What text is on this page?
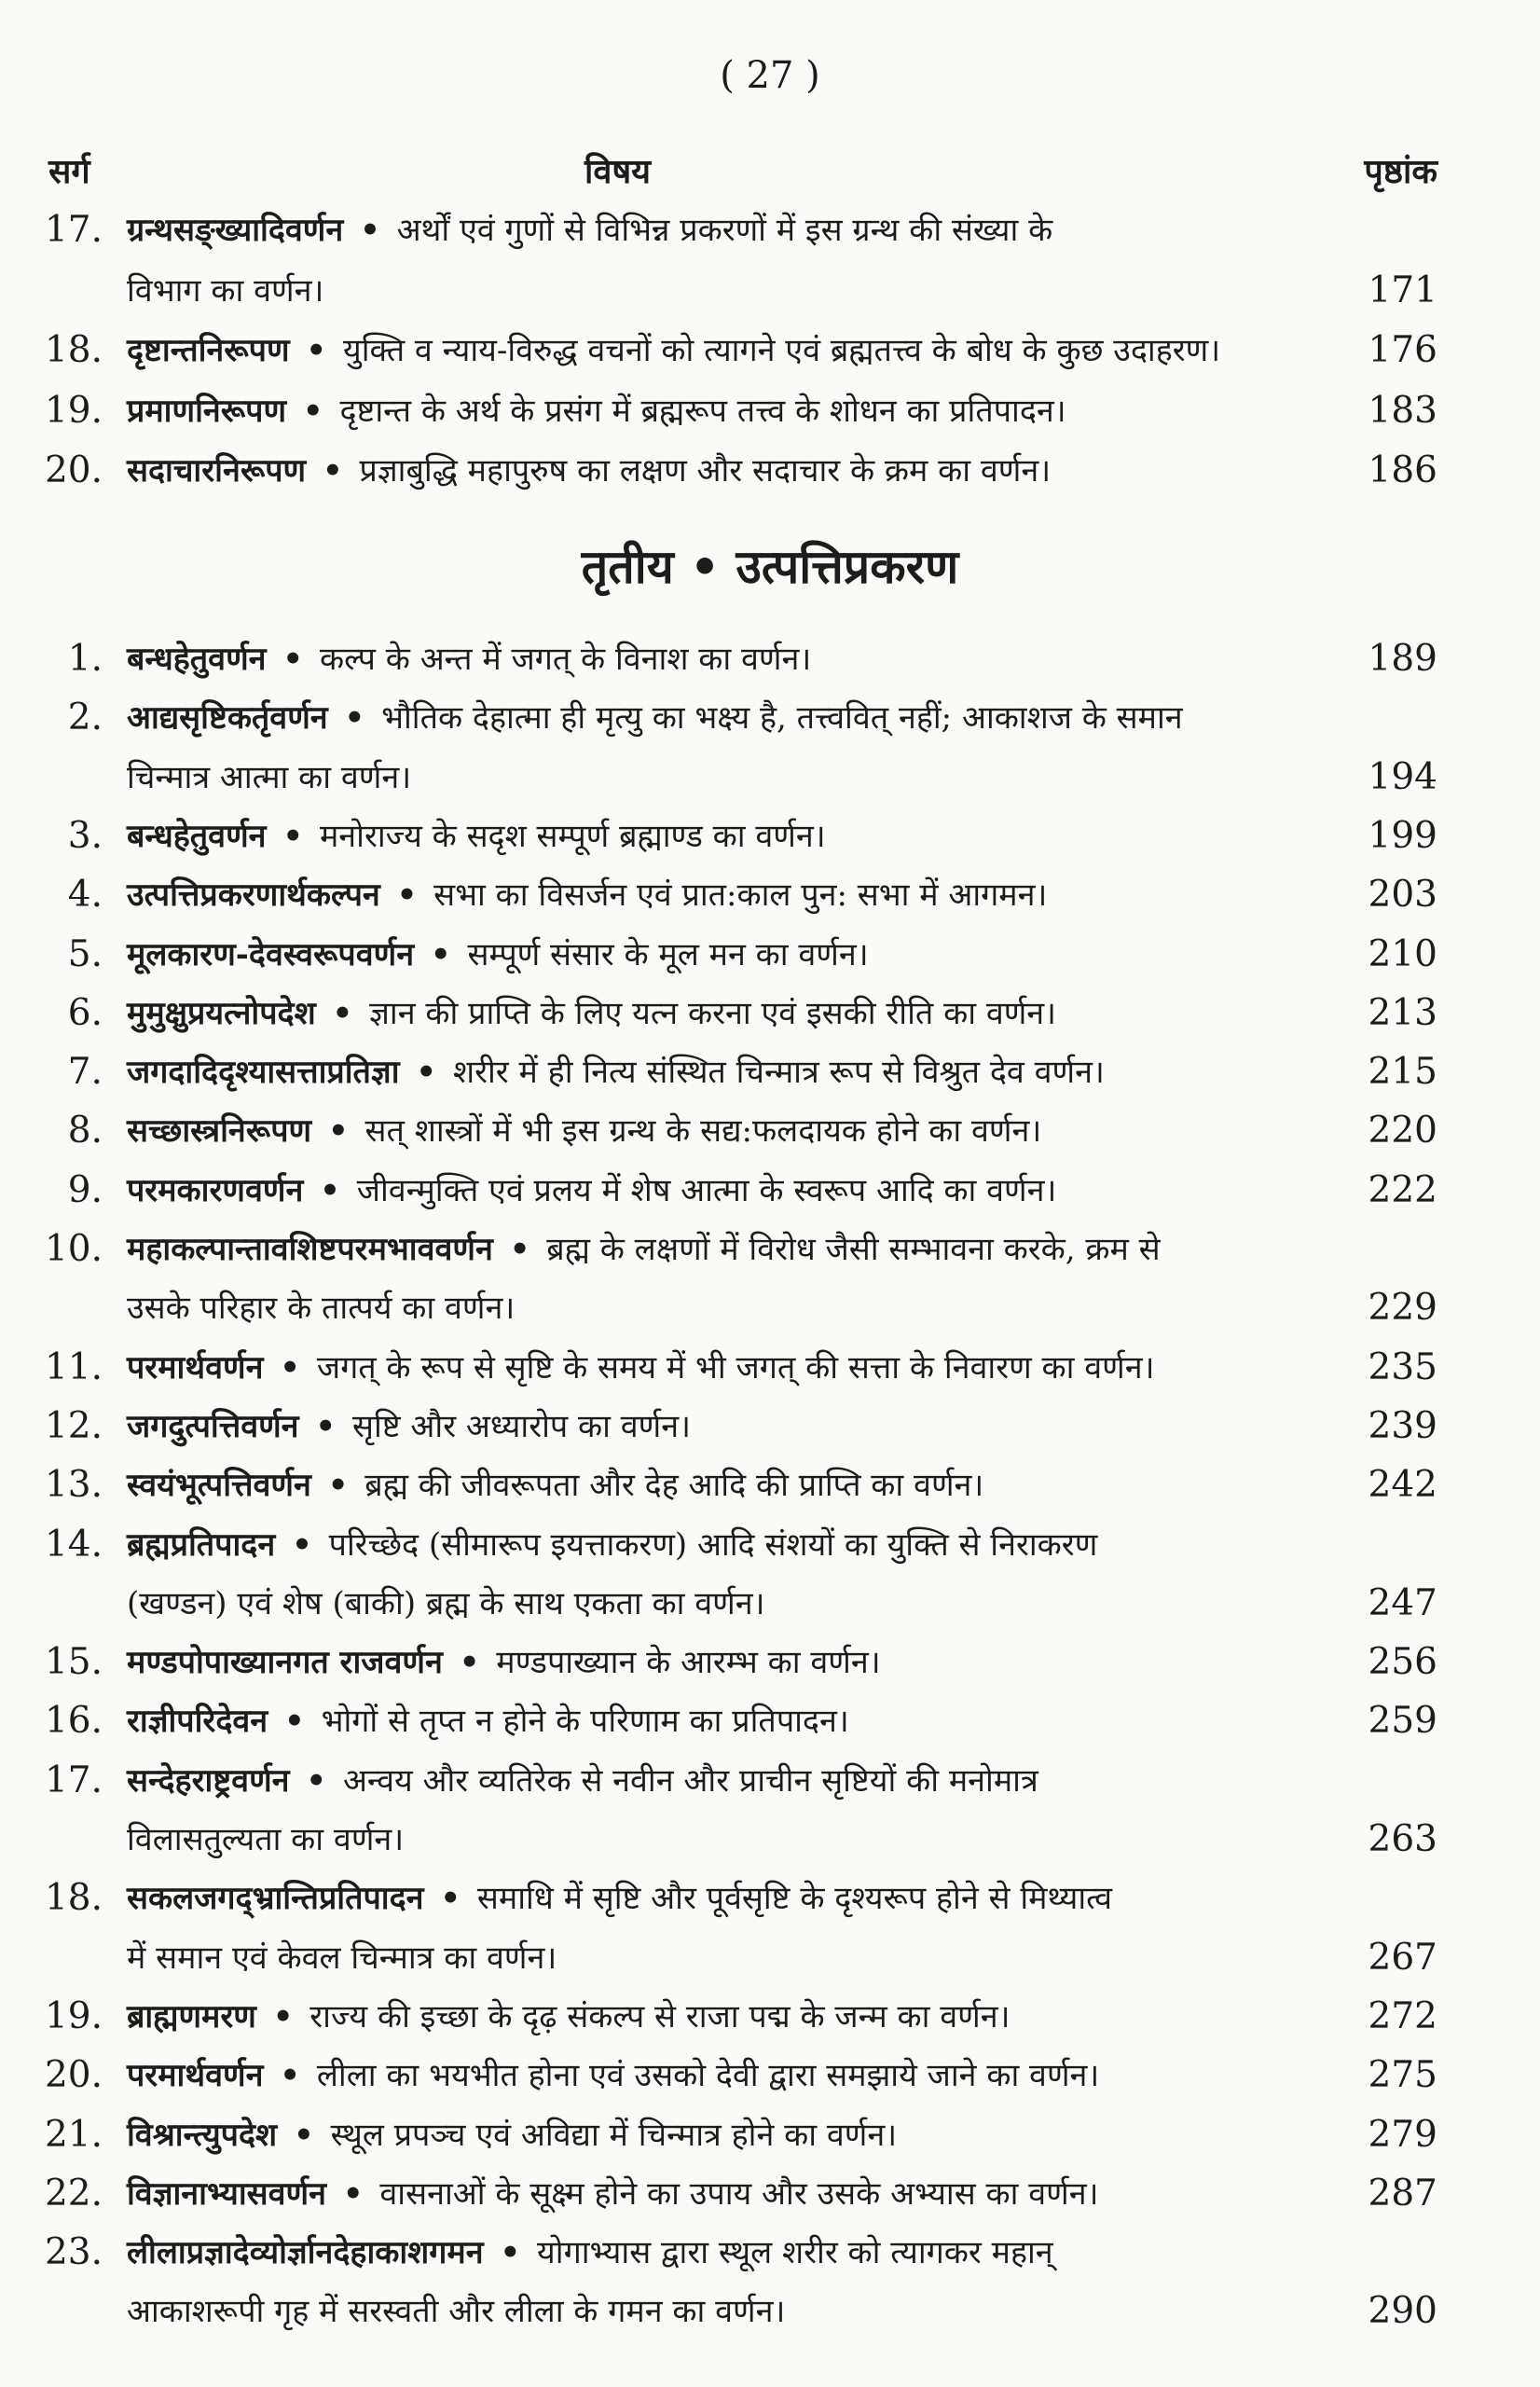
( 27 )
सर्ग	विषय	पृष्ठांक
17. ग्रन्थसङ्ख्यादिवर्णन • अर्थों एवं गुणों से विभिन्न प्रकरणों में इस ग्रन्थ की संख्या के
विभाग का वर्णन।	171
18. दृष्टान्तनिरूपण • युक्ति व न्याय-विरुद्ध वचनों को त्यागने एवं ब्रह्मतत्त्व के बोध के कुछ उदाहरण।	176
19. प्रमाणनिरूपण • दृष्टान्त के अर्थ के प्रसंग में ब्रह्मरूप तत्त्व के शोधन का प्रतिपादन।	183
20. सदाचारनिरूपण • प्रज्ञाबुद्धि महापुरुष का लक्षण और सदाचार के क्रम का वर्णन।	186
तृतीय • उत्पत्तिप्रकरण
1. बन्धहेतुवर्णन • कल्प के अन्त में जगत् के विनाश का वर्णन।	189
2. आद्यसृष्टिकर्तृवर्णन • भौतिक देहात्मा ही मृत्यु का भक्ष्य है, तत्त्ववित् नहीं; आकाशज के समान
चिन्मात्र आत्मा का वर्णन।	194
3. बन्धहेतुवर्णन • मनोराज्य के सदृश सम्पूर्ण ब्रह्माण्ड का वर्णन।	199
4. उत्पत्तिप्रकरणार्थकल्पन • सभा का विसर्जन एवं प्रात:काल पुन: सभा में आगमन।	203
5. मूलकारण-देवस्वरूपवर्णन • सम्पूर्ण संसार के मूल मन का वर्णन।	210
6. मुमुक्षुप्रयत्नोपदेश • ज्ञान की प्राप्ति के लिए यत्न करना एवं इसकी रीति का वर्णन।	213
7. जगदादिदृश्यासत्ताप्रतिज्ञा • शरीर में ही नित्य संस्थित चिन्मात्र रूप से विश्रुत देव वर्णन।	215
8. सच्छास्त्रनिरूपण • सत् शास्त्रों में भी इस ग्रन्थ के सद्य:फलदायक होने का वर्णन।	220
9. परमकारणवर्णन • जीवन्मुक्ति एवं प्रलय में शेष आत्मा के स्वरूप आदि का वर्णन।	222
10. महाकल्पान्तावशिष्टपरमभाववर्णन • ब्रह्म के लक्षणों में विरोध जैसी सम्भावना करके, क्रम से
उसके परिहार के तात्पर्य का वर्णन।	229
11. परमार्थवर्णन • जगत् के रूप से सृष्टि के समय में भी जगत् की सत्ता के निवारण का वर्णन।	235
12. जगदुत्पत्तिवर्णन • सृष्टि और अध्यारोप का वर्णन।	239
13. स्वयंभूत्पत्तिवर्णन • ब्रह्म की जीवरूपता और देह आदि की प्राप्ति का वर्णन।	242
14. ब्रह्मप्रतिपादन • परिच्छेद (सीमारूप इयत्ताकरण) आदि संशयों का युक्ति से निराकरण
(खण्डन) एवं शेष (बाकी) ब्रह्म के साथ एकता का वर्णन।	247
15. मण्डपोपाख्यानगत राजवर्णन • मण्डपाख्यान के आरम्भ का वर्णन।	256
16. राज्ञीपरिदेवन • भोगों से तृप्त न होने के परिणाम का प्रतिपादन।	259
17. सन्देहराष्ट्रवर्णन • अन्वय और व्यतिरेक से नवीन और प्राचीन सृष्टियों की मनोमात्र
विलासतुल्यता का वर्णन।	263
18. सकलजगद्भ्रान्तिप्रतिपादन • समाधि में सृष्टि और पूर्वसृष्टि के दृश्यरूप होने से मिथ्यात्व
में समान एवं केवल चिन्मात्र का वर्णन।	267
19. ब्राह्मणमरण • राज्य की इच्छा के दृढ़ संकल्प से राजा पद्म के जन्म का वर्णन।	272
20. परमार्थवर्णन • लीला का भयभीत होना एवं उसको देवी द्वारा समझाये जाने का वर्णन।	275
21. विश्रान्त्युपदेश • स्थूल प्रपञ्च एवं अविद्या में चिन्मात्र होने का वर्णन।	279
22. विज्ञानाभ्यासवर्णन • वासनाओं के सूक्ष्म होने का उपाय और उसके अभ्यास का वर्णन।	287
23. लीलाप्रज्ञादेव्योर्ज्ञानदेहाकाशगमन • योगाभ्यास द्वारा स्थूल शरीर को त्यागकर महान्
आकाशरूपी गृह में सरस्वती और लीला के गमन का वर्णन।	290
